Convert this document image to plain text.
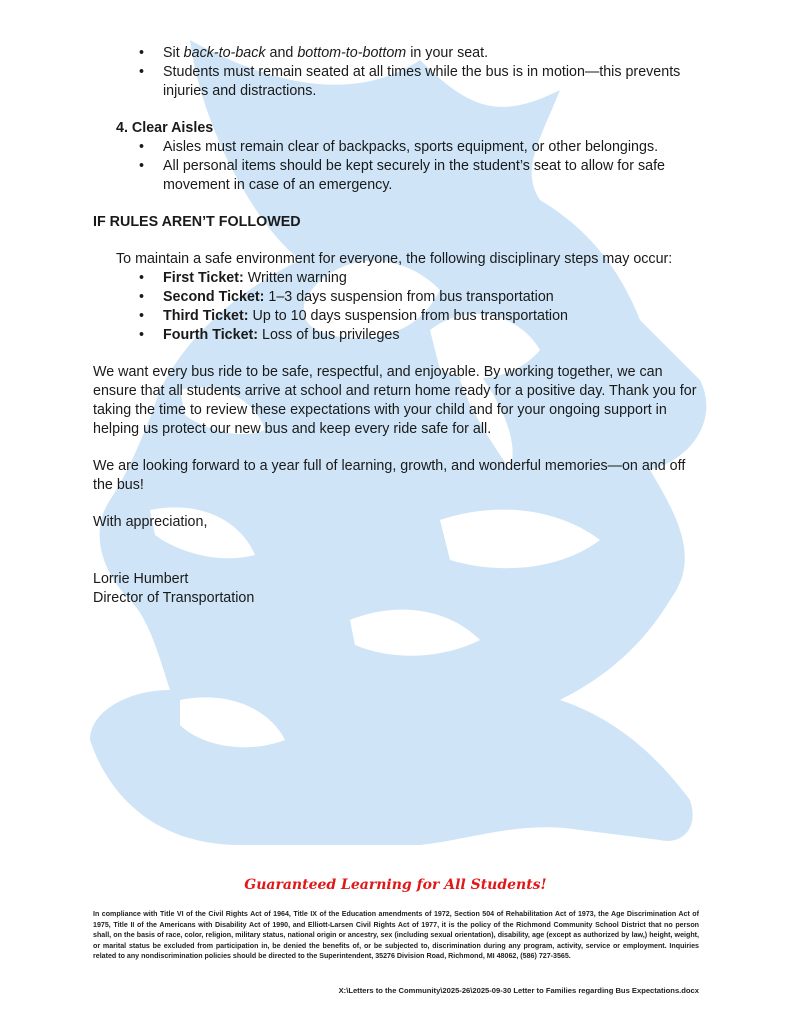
• Sit back-to-back and bottom-to-bottom in your seat.
• Students must remain seated at all times while the bus is in motion—this prevents injuries and distractions.
4. Clear Aisles
• Aisles must remain clear of backpacks, sports equipment, or other belongings.
• All personal items should be kept securely in the student’s seat to allow for safe movement in case of an emergency.
IF RULES AREN’T FOLLOWED
To maintain a safe environment for everyone, the following disciplinary steps may occur:
• First Ticket: Written warning
• Second Ticket: 1–3 days suspension from bus transportation
• Third Ticket: Up to 10 days suspension from bus transportation
• Fourth Ticket: Loss of bus privileges

We want every bus ride to be safe, respectful, and enjoyable. By working together, we can ensure that all students arrive at school and return home ready for a positive day. Thank you for taking the time to review these expectations with your child and for your ongoing support in helping us protect our new bus and keep every ride safe for all.

We are looking forward to a year full of learning, growth, and wonderful memories—on and off the bus!

With appreciation,

Lorrie Humbert

Director of Transportation

Guaranteed Learning for All Students!
In compliance with Title VI of the Civil Rights Act of 1964, Title IX of the Education amendments of 1972, Section 504 of Rehabilitation Act of 1973, the Age Discrimination Act of 1975, Title II of the Americans with Disability Act of 1990, and Elliott-Larsen Civil Rights Act of 1977, it is the policy of the Richmond Community School District that no person shall, on the basis of race, color, religion, military status, national origin or ancestry, sex (including sexual orientation), disability, age (except as authorized by law,) height, weight, or marital status be excluded from participation in, be denied the benefits of, or be subjected to, discrimination during any program, activity, service or employment. Inquiries related to any nondiscrimination policies should be directed to the Superintendent, 35276 Division Road, Richmond, MI 48062, (586) 727-3565.
X:\Letters to the Community\2025-26\2025-09-30 Letter to Families regarding Bus Expectations.docx
